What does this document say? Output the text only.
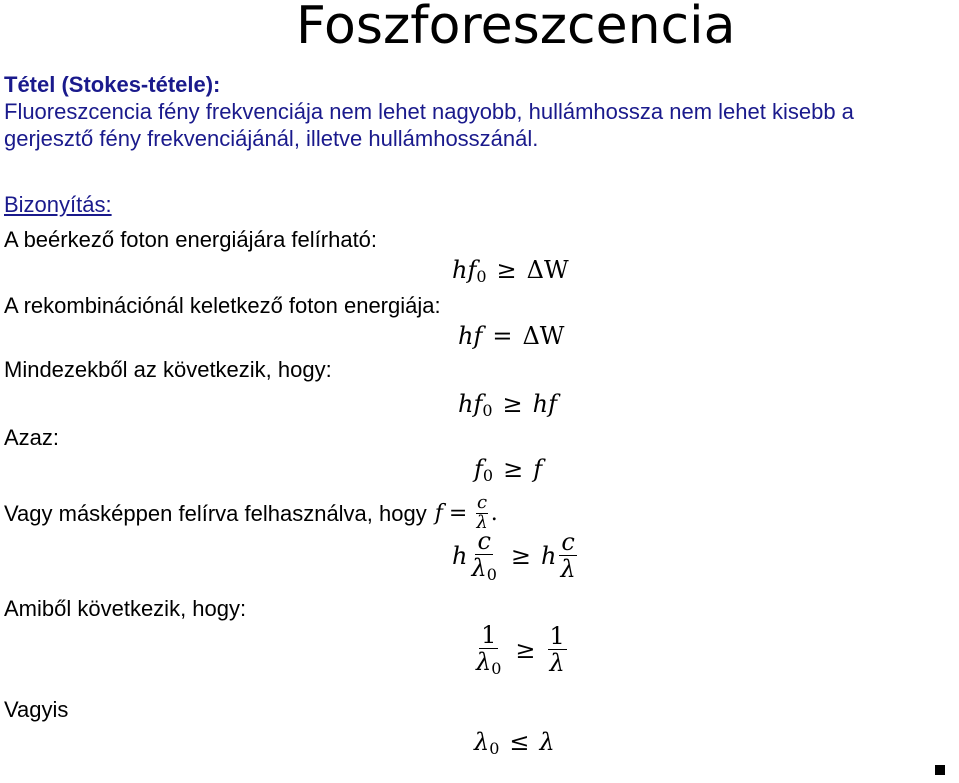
Foszforeszcencia
Tétel (Stokes-tétele):
Fluoreszcencia fény frekvenciája nem lehet nagyobb, hullámhossza nem lehet kisebb a
gerjesztő fény frekvenciájánál, illetve hullámhosszánál.
Bizonyítás:
A beérkező foton energiájára felírható:
$hf_0 \ge \Delta W$
A rekombinációnál keletkező foton energiája:
hf = ΔW
Mindezekből az következik, hogy:
$hf_0$ ≥ hf
Azaz:
$f_0 \ge f$
Vagy másképpen felírva felhasználva, hogy $f = \frac{c}{\lambda}$ .
h $\frac{c}{\lambda_0} \ge h \frac{c}{\lambda}$
Amiből következik, hogy:
$\frac{1}{\lambda_0} \ge \frac{1}{\lambda}$
Vagyis
$\lambda_0 \le \lambda$
